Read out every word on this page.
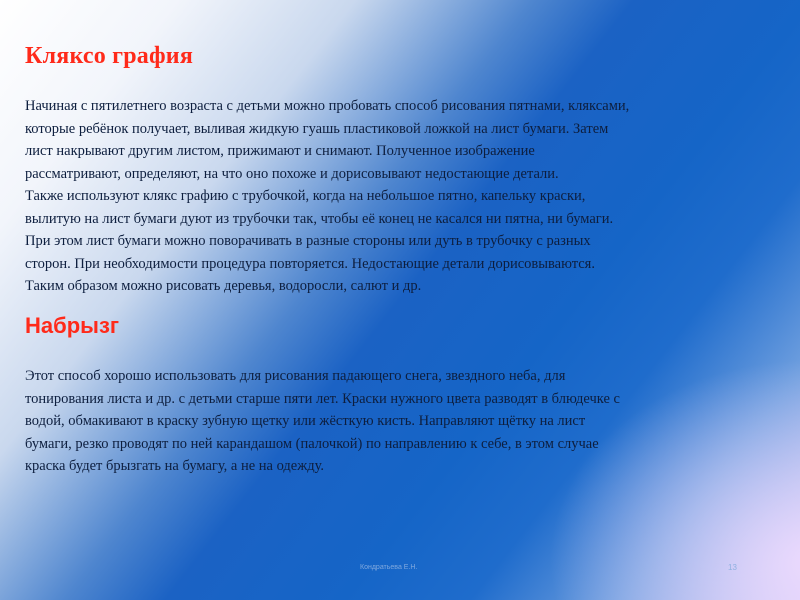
Кляксо графия

Начиная с пятилетнего возраста с детьми можно пробовать способ рисования пятнами, кляксами,
которые ребёнок получает, выливая жидкую гуашь пластиковой ложкой на лист бумаги. Затем
лист накрывают другим листом, прижимают и снимают. Полученное изображение
рассматривают, определяют, на что оно похоже и дорисовывают недостающие детали.
Также используют клякс графию с трубочкой, когда на небольшое пятно, капельку краски,
вылитую на лист бумаги дуют из трубочки так, чтобы её конец не касался ни пятна, ни бумаги.
При этом лист бумаги можно поворачивать в разные стороны или дуть в трубочку с разных
сторон. При необходимости процедура повторяется. Недостающие детали дорисовываются.
Таким образом можно рисовать деревья, водоросли, салют и др.

Набрызг

Этот способ хорошо использовать для рисования падающего снега, звездного неба, для
тонирования листа и др. с детьми старше пяти лет. Краски нужного цвета разводят в блюдечке с
водой, обмакивают в краску зубную щетку или жёсткую кисть. Направляют щётку на лист
бумаги, резко проводят по ней карандашом (палочкой) по направлению к себе, в этом случае
краска будет брызгать на бумагу, а не на одежду.

Кондратьева Е.Н.	13
